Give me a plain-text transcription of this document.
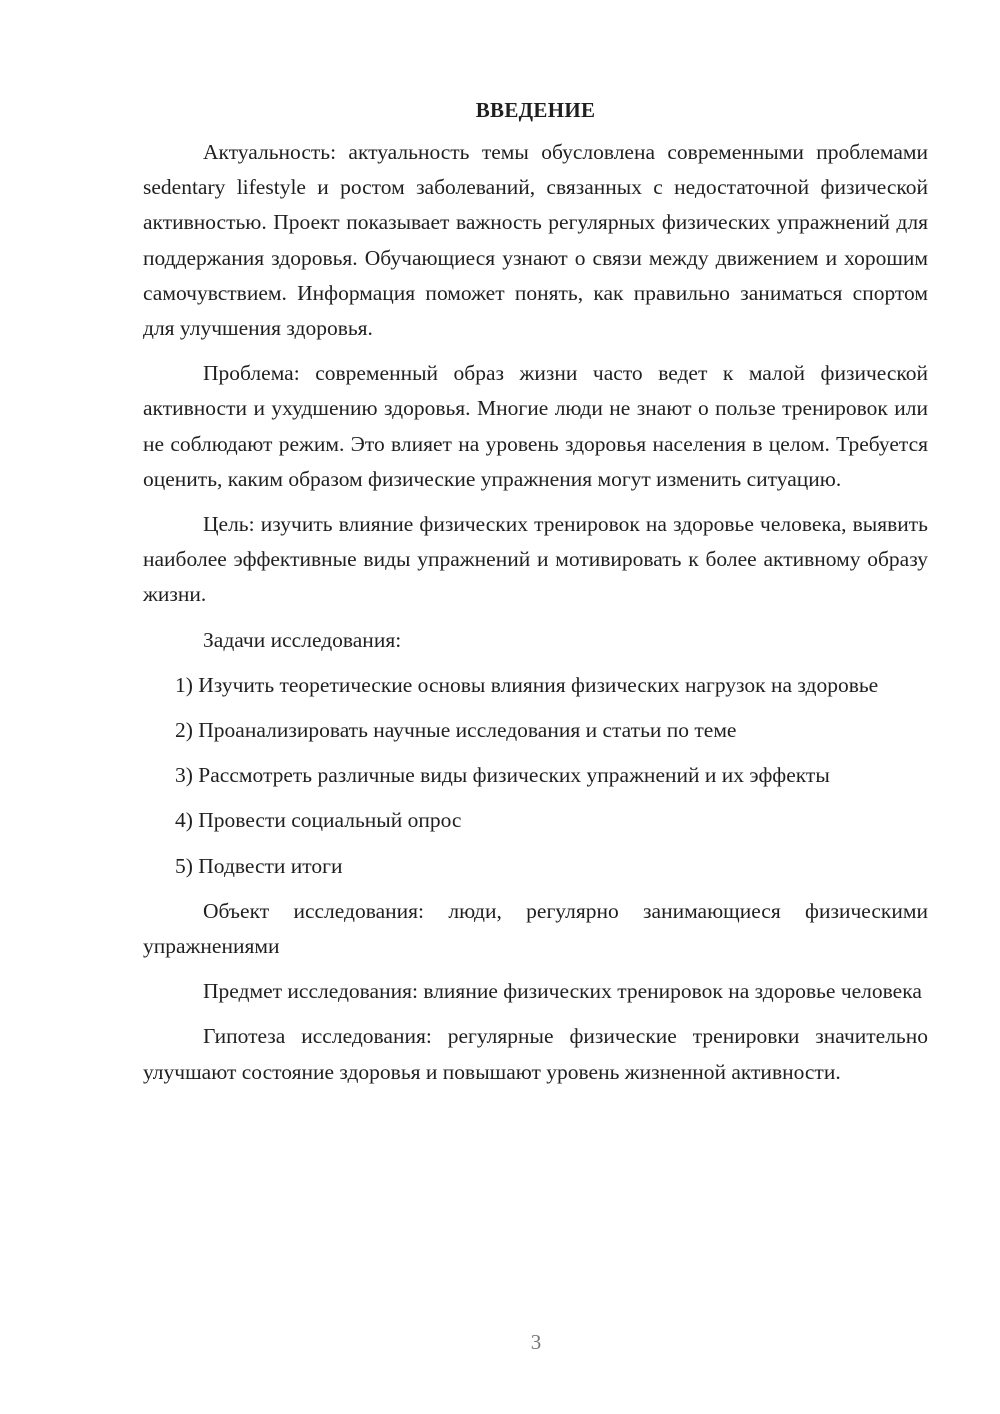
ВВЕДЕНИЕ

Актуальность: актуальность темы обусловлена современными проблемами sedentary lifestyle и ростом заболеваний, связанных с недостаточной физической активностью. Проект показывает важность регулярных физических упражнений для поддержания здоровья. Обучающиеся узнают о связи между движением и хорошим самочувствием. Информация поможет понять, как правильно заниматься спортом для улучшения здоровья.

Проблема: современный образ жизни часто ведет к малой физической активности и ухудшению здоровья. Многие люди не знают о пользе тренировок или не соблюдают режим. Это влияет на уровень здоровья населения в целом. Требуется оценить, каким образом физические упражнения могут изменить ситуацию.

Цель: изучить влияние физических тренировок на здоровье человека, выявить наиболее эффективные виды упражнений и мотивировать к более активному образу жизни.

Задачи исследования:

1) Изучить теоретические основы влияния физических нагрузок на здоровье

2) Проанализировать научные исследования и статьи по теме

3) Рассмотреть различные виды физических упражнений и их эффекты

4) Провести социальный опрос

5) Подвести итоги

Объект исследования: люди, регулярно занимающиеся физическими упражнениями

Предмет исследования: влияние физических тренировок на здоровье человека

Гипотеза исследования: регулярные физические тренировки значительно улучшают состояние здоровья и повышают уровень жизненной активности.

3
